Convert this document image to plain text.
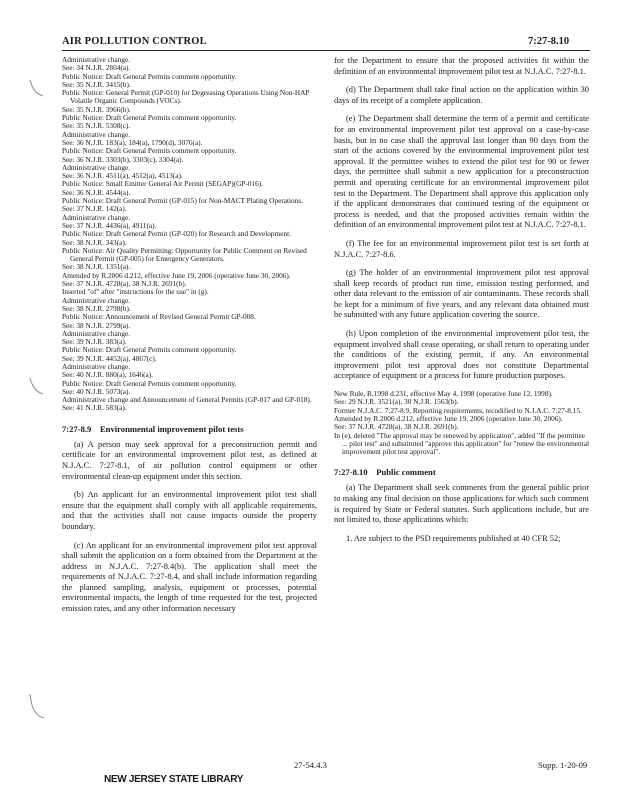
AIR POLLUTION CONTROL	7:27-8.10

Administrative change.

See: 34 N.J.R. 2804(a).

Public Notice: Draft General Permits comment opportunity.

See: 35 N.J.R. 3415(b).

Public Notice: General Permit (GP-010) for Degreasing Operations Using Non-HAP Volatile Organic Compounds (VOCs).

See: 35 N.J.R. 3966(b).

Public Notice: Draft General Permits comment opportunity.

See: 35 N.J.R. 5308(c).

Administrative change.

See: 36 N.J.R. 183(a), 184(a), 1790(d), 3076(a).

Public Notice: Draft General Permits comment opportunity.

See: 36 N.J.R. 3303(b), 3303(c), 3304(a).

Administrative change.

See: 36 N.J.R. 4511(a), 4512(a), 4513(a).

Public Notice: Small Emitter General Air Permit (SEGAP)(GP-016).

See: 36 N.J.R. 4544(a).

Public Notice: Draft General Permit (GP-015) for Non-MACT Plating Operations.

See: 37 N.J.R. 142(a).

Administrative change.

See: 37 N.J.R. 4436(a), 4911(a).

Public Notice: Draft General Permit (GP-020) for Research and Development.

See: 38 N.J.R. 343(a).

Public Notice: Air Quality Permitting: Opportunity for Public Comment on Revised General Permit (GP-005) for Emergency Generators.

See: 38 N.J.R. 1351(a).

Amended by R.2006 d.212, effective June 19, 2006 (operative June 30, 2006).

See: 37 N.J.R. 4728(a), 38 N.J.R. 2691(b).

Inserted "of" after "instructions for the use" in (g).

Administrative change.

See: 38 N.J.R. 2798(b).

Public Notice: Announcement of Revised General Permit GP-008.

See: 38 N.J.R. 2799(a).

Administrative change.

See: 39 N.J.R. 383(a).

Public Notice: Draft General Permits comment opportunity.

See: 39 N.J.R. 4452(a), 4867(c).

Administrative change.

See: 40 N.J.R. 880(a), 1646(a).

Public Notice: Draft General Permits comment opportunity.

See: 40 N.J.R. 5073(a).

Administrative change and Announcement of General Permits (GP-017 and GP-018).

See: 41 N.J.R. 583(a).

7:27-8.9    Environmental improvement pilot tests

(a) A person may seek approval for a preconstruction permit and certificate for an environmental improvement pilot test, as defined at N.J.A.C. 7:27-8.1, of air pollution control equipment or other environmental clean-up equipment under this section.

(b) An applicant for an environmental improvement pilot test shall ensure that the equipment shall comply with all applicable requirements, and that the activities shall not cause impacts outside the property boundary.

(c) An applicant for an environmental improvement pilot test approval shall submit the application on a form obtained from the Department at the address in N.J.A.C. 7:27-8.4(b). The application shall meet the requirements of N.J.A.C. 7:27-8.4, and shall include information regarding the planned sampling, analysis, equipment or processes, potential environmental impacts, the length of time requested for the test, projected emission rates, and any other information necessary

for the Department to ensure that the proposed activities fit within the definition of an environmental improvement pilot test at N.J.A.C. 7:27-8.1.

(d) The Department shall take final action on the application within 30 days of its receipt of a complete application.

(e) The Department shall determine the term of a permit and certificate for an environmental improvement pilot test approval on a case-by-case basis, but in no case shall the approval last longer than 90 days from the start of the actions covered by the environmental improvement pilot test approval. If the permittee wishes to extend the pilot test for 90 or fewer days, the permittee shall submit a new application for a preconstruction permit and operating certificate for an environmental improvement pilot test to the Department. The Department shall approve this application only if the applicant demonstrates that continued testing of the equipment or process is needed, and that the proposed activities remain within the definition of an environmental improvement pilot test at N.J.A.C. 7:27-8.1.

(f) The fee for an environmental improvement pilot test is set forth at N.J.A.C. 7:27-8.6.

(g) The holder of an environmental improvement pilot test approval shall keep records of product run time, emission testing performed, and other data relevant to the emission of air contaminants. These records shall be kept for a minimum of five years, and any relevant data obtained must be submitted with any future application covering the source.

(h) Upon completion of the environmental improvement pilot test, the equipment involved shall cease operating, or shall return to operating under the conditions of the existing permit, if any. An environmental improvement pilot test approval does not constitute Departmental acceptance of equipment or a process for future production purposes.

New Rule, R.1998 d.231, effective May 4, 1998 (operative June 12, 1998).

See: 29 N.J.R. 3521(a), 30 N.J.R. 1563(b).

Former N.J.A.C. 7:27-8.9, Reporting requirements, recodified to N.J.A.C. 7:27-8.15.

Amended by R.2006 d.212, effective June 19, 2006 (operative June 30, 2006).

See: 37 N.J.R. 4728(a), 38 N.J.R. 2691(b).

In (e), deleted "The approval may be renewed by application", added "If the permittee ... pilot test" and substituted "approve this application" for "renew the environmental improvement pilot test approval".

7:27-8.10    Public comment

(a) The Department shall seek comments from the general public prior to making any final decision on those applications for which such comment is required by State or Federal statutes. Such applications include, but are not limited to, those applications which:

1. Are subject to the PSD requirements published at 40 CFR 52;

27-54.4.3	Supp. 1-20-09
NEW JERSEY STATE LIBRARY
